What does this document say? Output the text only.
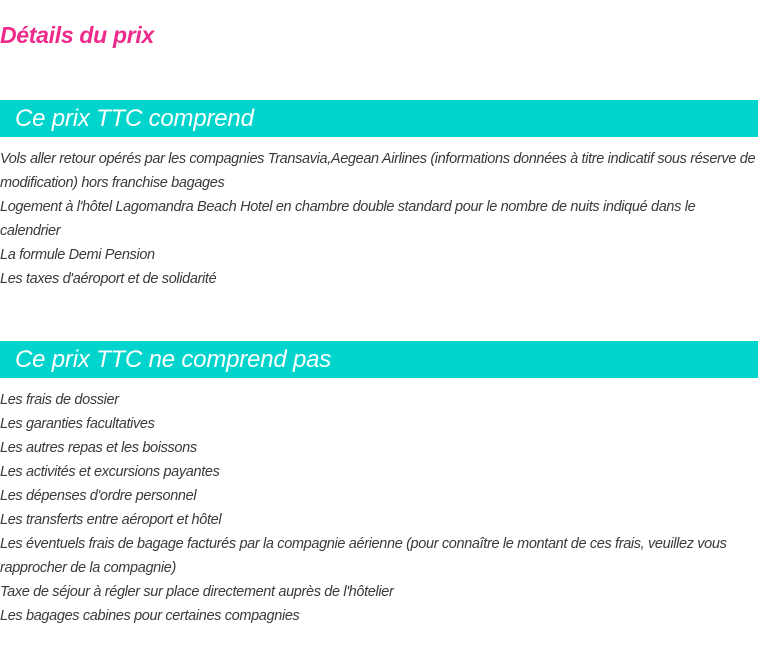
Détails du prix
Ce prix TTC comprend
Vols aller retour opérés par les compagnies Transavia,Aegean Airlines (informations données à titre indicatif sous réserve de modification) hors franchise bagages
Logement à l'hôtel Lagomandra Beach Hotel en chambre double standard pour le nombre de nuits indiqué dans le calendrier
La formule Demi Pension
Les taxes d'aéroport et de solidarité
Ce prix TTC ne comprend pas
Les frais de dossier
Les garanties facultatives
Les autres repas et les boissons
Les activités et excursions payantes
Les dépenses d'ordre personnel
Les transferts entre aéroport et hôtel
Les éventuels frais de bagage facturés par la compagnie aérienne (pour connaître le montant de ces frais, veuillez vous rapprocher de la compagnie)
Taxe de séjour à régler sur place directement auprès de l'hôtelier
Les bagages cabines pour certaines compagnies
